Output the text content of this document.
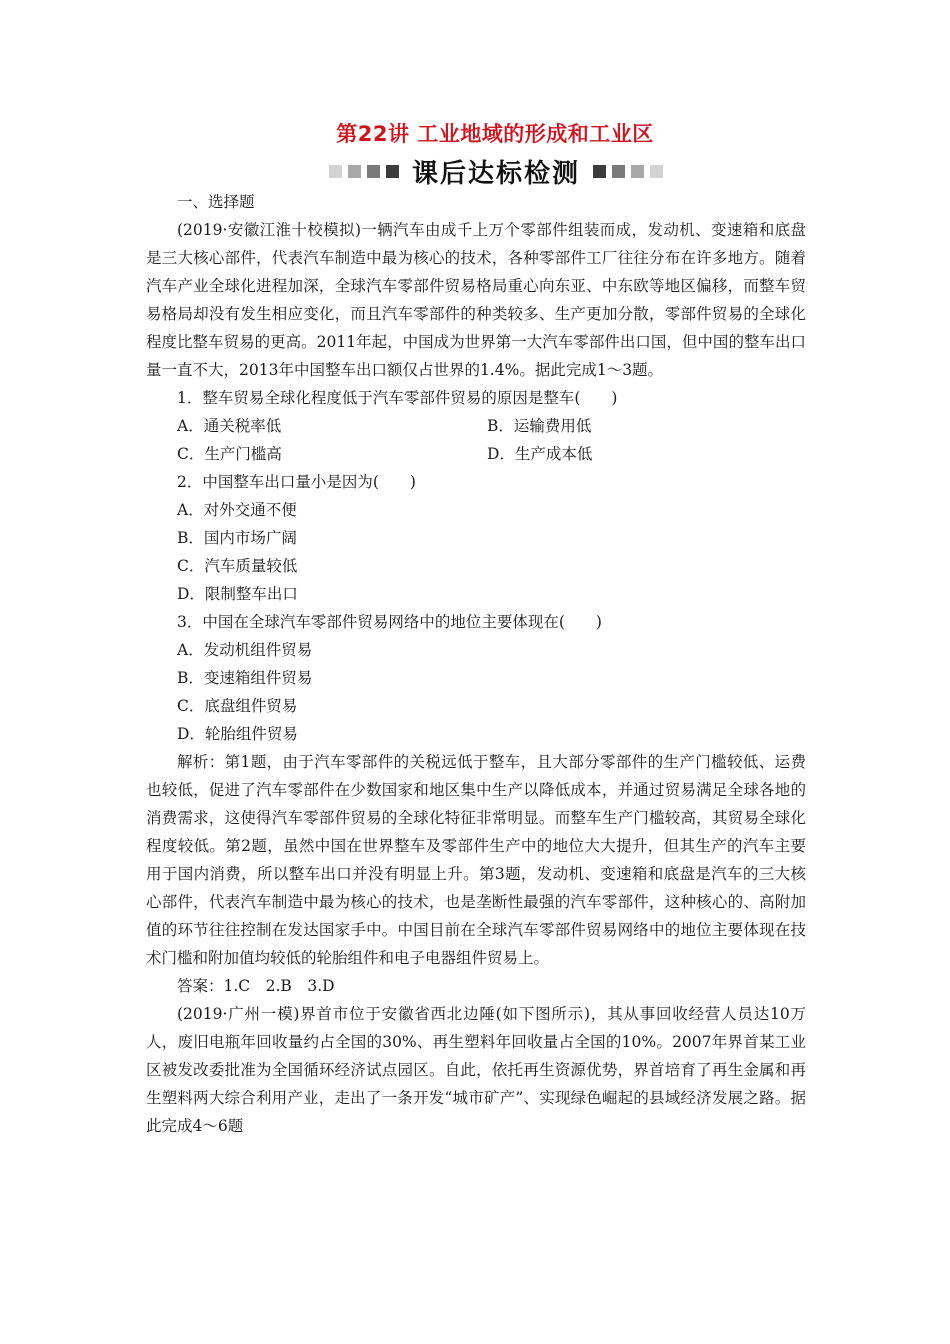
第22讲 工业地域的形成和工业区
课后达标检测

一、选择题

(2019·安徽江淮十校模拟)一辆汽车由成千上万个零部件组装而成，发动机、变速箱和底盘是三大核心部件，代表汽车制造中最为核心的技术，各种零部件工厂往往分布在许多地方。随着汽车产业全球化进程加深，全球汽车零部件贸易格局重心向东亚、中东欧等地区偏移，而整车贸易格局却没有发生相应变化，而且汽车零部件的种类较多、生产更加分散，零部件贸易的全球化程度比整车贸易的更高。2011年起，中国成为世界第一大汽车零部件出口国，但中国的整车出口量一直不大，2013年中国整车出口额仅占世界的1.4%。据此完成1～3题。

1．整车贸易全球化程度低于汽车零部件贸易的原因是整车(　　)

A．通关税率低	B．运输费用低
C．生产门槛高	D．生产成本低

2．中国整车出口量小是因为(　　)

A．对外交通不便

B．国内市场广阔

C．汽车质量较低

D．限制整车出口

3．中国在全球汽车零部件贸易网络中的地位主要体现在(　　)

A．发动机组件贸易

B．变速箱组件贸易

C．底盘组件贸易

D．轮胎组件贸易

解析：第1题，由于汽车零部件的关税远低于整车，且大部分零部件的生产门槛较低、运费也较低，促进了汽车零部件在少数国家和地区集中生产以降低成本，并通过贸易满足全球各地的消费需求，这使得汽车零部件贸易的全球化特征非常明显。而整车生产门槛较高，其贸易全球化程度较低。第2题，虽然中国在世界整车及零部件生产中的地位大大提升，但其生产的汽车主要用于国内消费，所以整车出口并没有明显上升。第3题，发动机、变速箱和底盘是汽车的三大核心部件，代表汽车制造中最为核心的技术，也是垄断性最强的汽车零部件，这种核心的、高附加值的环节往往控制在发达国家手中。中国目前在全球汽车零部件贸易网络中的地位主要体现在技术门槛和附加值均较低的轮胎组件和电子电器组件贸易上。

答案：1.C　2.B　3.D

(2019·广州一模)界首市位于安徽省西北边陲(如下图所示)，其从事回收经营人员达10万人，废旧电瓶年回收量约占全国的30%、再生塑料年回收量占全国的10%。2007年界首某工业区被发改委批准为全国循环经济试点园区。自此，依托再生资源优势，界首培育了再生金属和再生塑料两大综合利用产业，走出了一条开发“城市矿产”、实现绿色崛起的县域经济发展之路。据此完成4～6题
